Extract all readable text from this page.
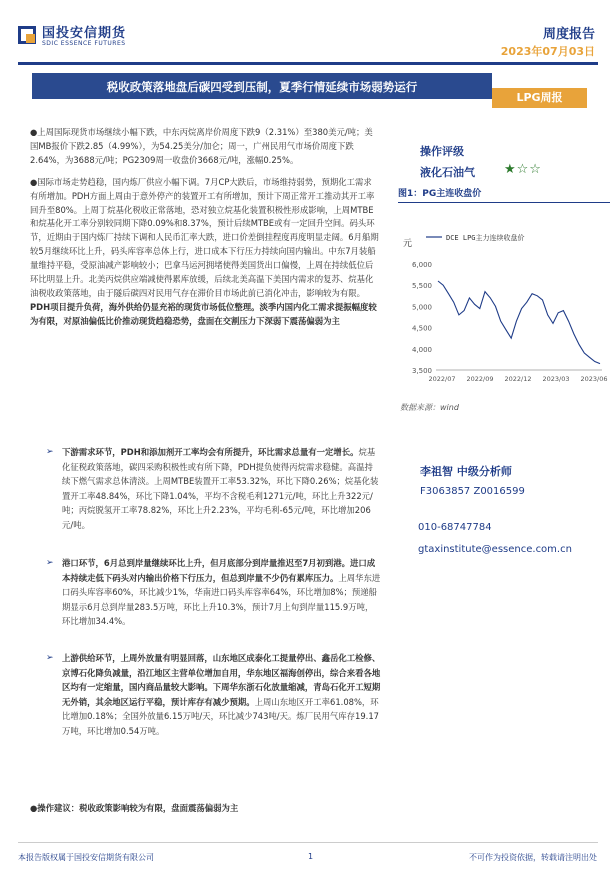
国投安信期货
SDIC ESSENCE FUTURES
周度报告
2023年07月03日
税收政策落地盘后碳四受到压制，夏季行情延续市场弱势运行
LPG周报

●上周国际现货市场继续小幅下跌，中东丙烷离岸价周度下跌9（2.31%）至380美元/吨；美国MB报价下跌2.85（4.99%），为54.25美分/加仑；周一，广州民用气市场价周度下跌2.64%，为3688元/吨；PG2309周一收盘价3668元/吨，涨幅0.25%。

●国际市场走势趋稳，国内炼厂供应小幅下调。7月CP大跌后，市场维持弱势，预期化工需求有所增加。PDH方面上周由于意外停产的装置开工有所增加，预计下周正常开工推动其开工率回升至80%。上周丁烷基化税收正常落地，恐对独立烷基化装置积极性形成影响，上周MTBE和烷基化开工率分别较同期下降0.09%和8.37%，预计后续MTBE或有一定回升空间。码头环节，近期由于国内炼厂持续下调和人民币汇率大跌，进口价差倒挂程度再度明显走阔。6月船期较5月继续环比上升，码头库容率总体上行，进口成本下行压力持续向国内输出。中东7月装船量维持平稳，受原油减产影响较小；巴拿马运河拥堵使得美国货出口偏慢，上周在持续低位后环比明显上升。北美丙烷供应端减使得累库放缓，后续北美高温下美国内需求的复苏、烷基化油税收政策落地，由于隧后碳四对民用气存在滞价目市场此前已消化冲击，影响较为有限。PDH项目提升负荷，海外供给仍显充裕的现货市场低位整理。淡季内国内化工需求提振幅度较为有限，对原油偏低比价推动现货趋稳恐势，盘面在交割压力下深弱下震荡偏弱为主

➢ 下游需求环节，PDH和添加剂开工率均会有所提升，环比需求总量有一定增长。烷基化征税政策落地，碳四采购积极性或有所下降，PDH提负使得丙烷需求稳健。高温持续下燃气需求总体清淡。上周MTBE装置开工率53.32%，环比下降0.26%；烷基化装置开工率48.84%，环比下降1.04%，平均不含税毛利1271元/吨，环比上升322元/吨；丙烷脱氢开工率78.82%，环比上升2.23%，平均毛利-65元/吨，环比增加206元/吨。
➢ 港口环节，6月总到岸量继续环比上升，但月底部分到岸量推迟至7月初到港。进口成本持续走低下码头对内输出价格下行压力，但总到岸量不少仍有累库压力。上周华东进口码头库容率60%，环比减少1%，华南进口码头库容率64%，环比增加8%；预递船期显示6月总到岸量283.5万吨，环比上升10.3%，预计7月上旬到岸量115.9万吨，环比增加34.4%。
➢ 上游供给环节，上周外放量有明显回落，山东地区成泰化工提量停出、鑫岳化工检修、京博石化降负减量，沿江地区主营单位增加自用，华东地区福海创停出，综合来看各地区均有一定缩量，国内商品量较大影响。下周华东浙石化放量缩减，青岛石化开工短期无外销，其余地区运行平稳，预计库存有减少预期。上周山东地区开工率61.08%，环比增加0.18%；全国外放量6.15万吨/天，环比减少743吨/天。炼厂民用气库存19.17万吨，环比增加0.54万吨。
●操作建议：税收政策影响较为有限，盘面震荡偏弱为主
操作评级
液化石油气 ★☆☆
图1：PG主连收盘价
元
DCE LPG主力连续收盘价
6,000
5,500
5,000
4,500
4,000
3,500
2022/07 2022/09 2022/12 2023/03 2023/06
数据来源：wind
李祖智 中级分析师
F3063857 Z0016599
010-68747784
gtaxinstitute@essence.com.cn
本报告版权属于国投安信期货有限公司	1	不可作为投资依据，转载请注明出处
